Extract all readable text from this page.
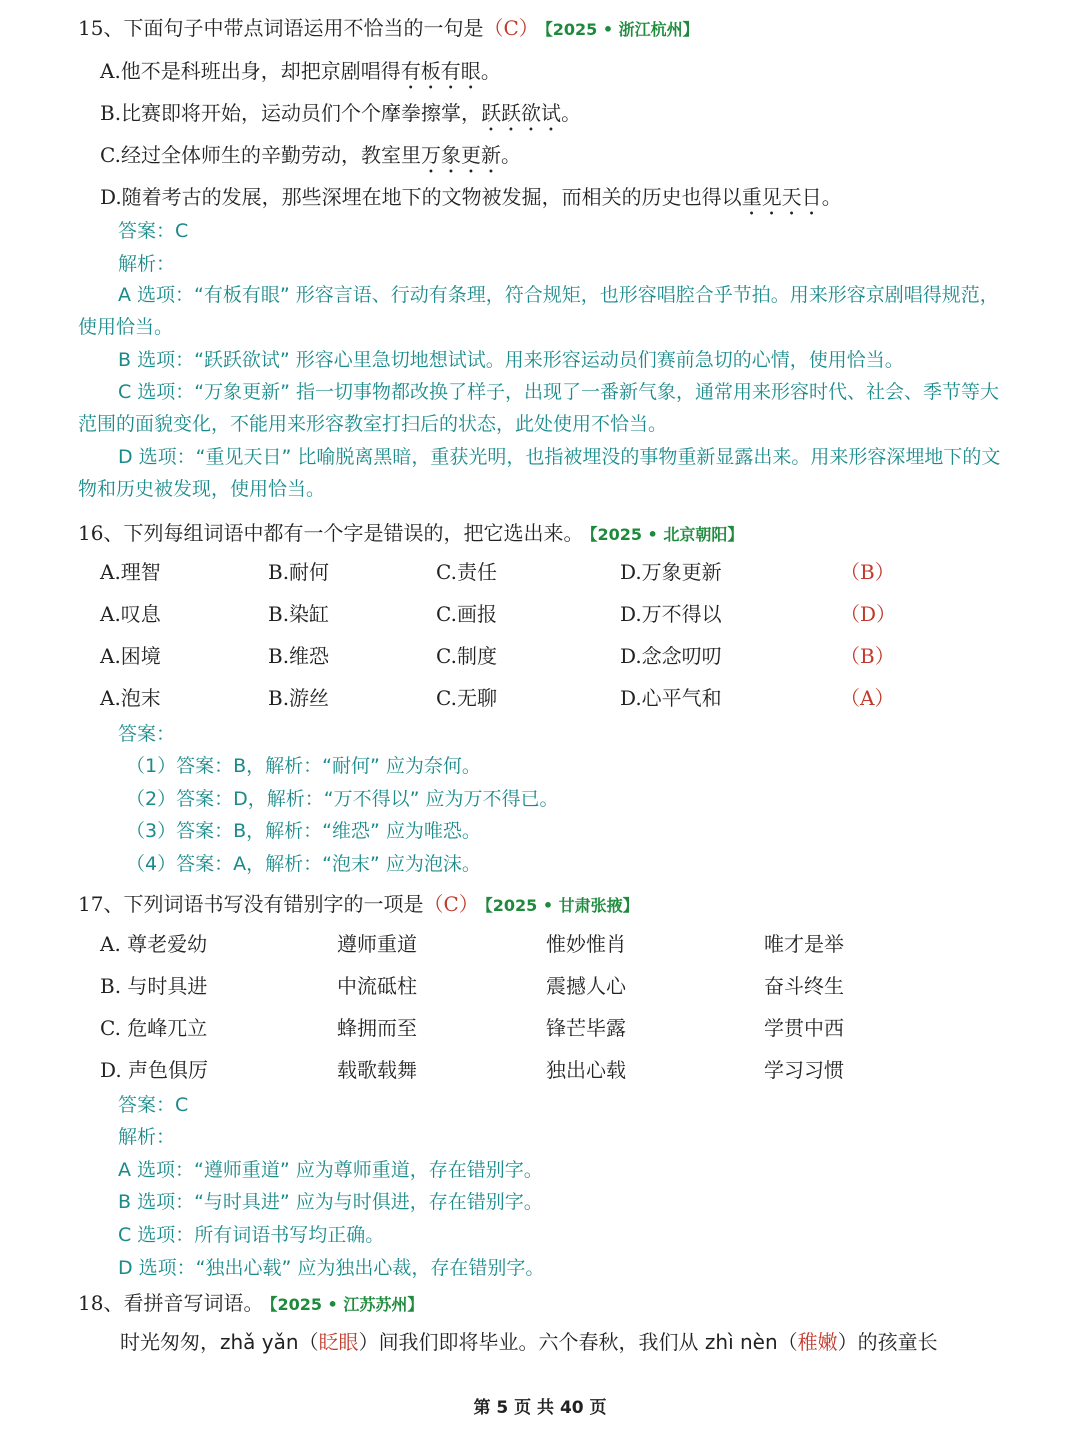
15、下面句子中带点词语运用不恰当的一句是（C） 【2025 • 浙江杭州】
A.他不是科班出身，却把京剧唱得有板有眼。
B.比赛即将开始，运动员们个个摩拳擦掌，跃跃欲试。
C.经过全体师生的辛勤劳动，教室里万象更新。
D.随着考古的发展，那些深埋在地下的文物被发掘，而相关的历史也得以重见天日。
答案：C
解析：
A 选项：“有板有眼” 形容言语、行动有条理，符合规矩，也形容唱腔合乎节拍。用来形容京剧唱得规范，使用恰当。
B 选项：“跃跃欲试” 形容心里急切地想试试。用来形容运动员们赛前急切的心情，使用恰当。
C 选项：“万象更新” 指一切事物都改换了样子，出现了一番新气象，通常用来形容时代、社会、季节等大范围的面貌变化，不能用来形容教室打扫后的状态，此处使用不恰当。
D 选项：“重见天日” 比喻脱离黑暗，重获光明，也指被埋没的事物重新显露出来。用来形容深埋地下的文物和历史被发现，使用恰当。
16、下列每组词语中都有一个字是错误的，把它选出来。 【2025 • 北京朝阳】
A.理智	B.耐何	C.责任	D.万象更新	（B）
A.叹息	B.染缸	C.画报	D.万不得以	（D）
A.困境	B.维恐	C.制度	D.念念叨叨	（B）
A.泡末	B.游丝	C.无聊	D.心平气和	（A）
答案：
（1）答案：B，解析：“耐何” 应为奈何。
（2）答案：D，解析：“万不得以” 应为万不得已。
（3）答案：B，解析：“维恐” 应为唯恐。
（4）答案：A，解析：“泡末” 应为泡沫。
17、下列词语书写没有错别字的一项是（C） 【2025 • 甘肃张掖】
A. 尊老爱幼	遵师重道	惟妙惟肖	唯才是举
B. 与时具进	中流砥柱	震撼人心	奋斗终生
C. 危峰兀立	蜂拥而至	锋芒毕露	学贯中西
D. 声色俱厉	载歌载舞	独出心载	学习习惯
答案：C
解析：
A 选项：“遵师重道” 应为尊师重道，存在错别字。
B 选项：“与时具进” 应为与时俱进，存在错别字。
C 选项：所有词语书写均正确。
D 选项：“独出心载” 应为独出心裁，存在错别字。
18、看拼音写词语。 【2025 • 江苏苏州】
时光匆匆，zhǎ yǎn（眨眼）间我们即将毕业。六个春秋，我们从 zhì nèn（稚嫩）的孩童长
第 5 页 共 40 页
